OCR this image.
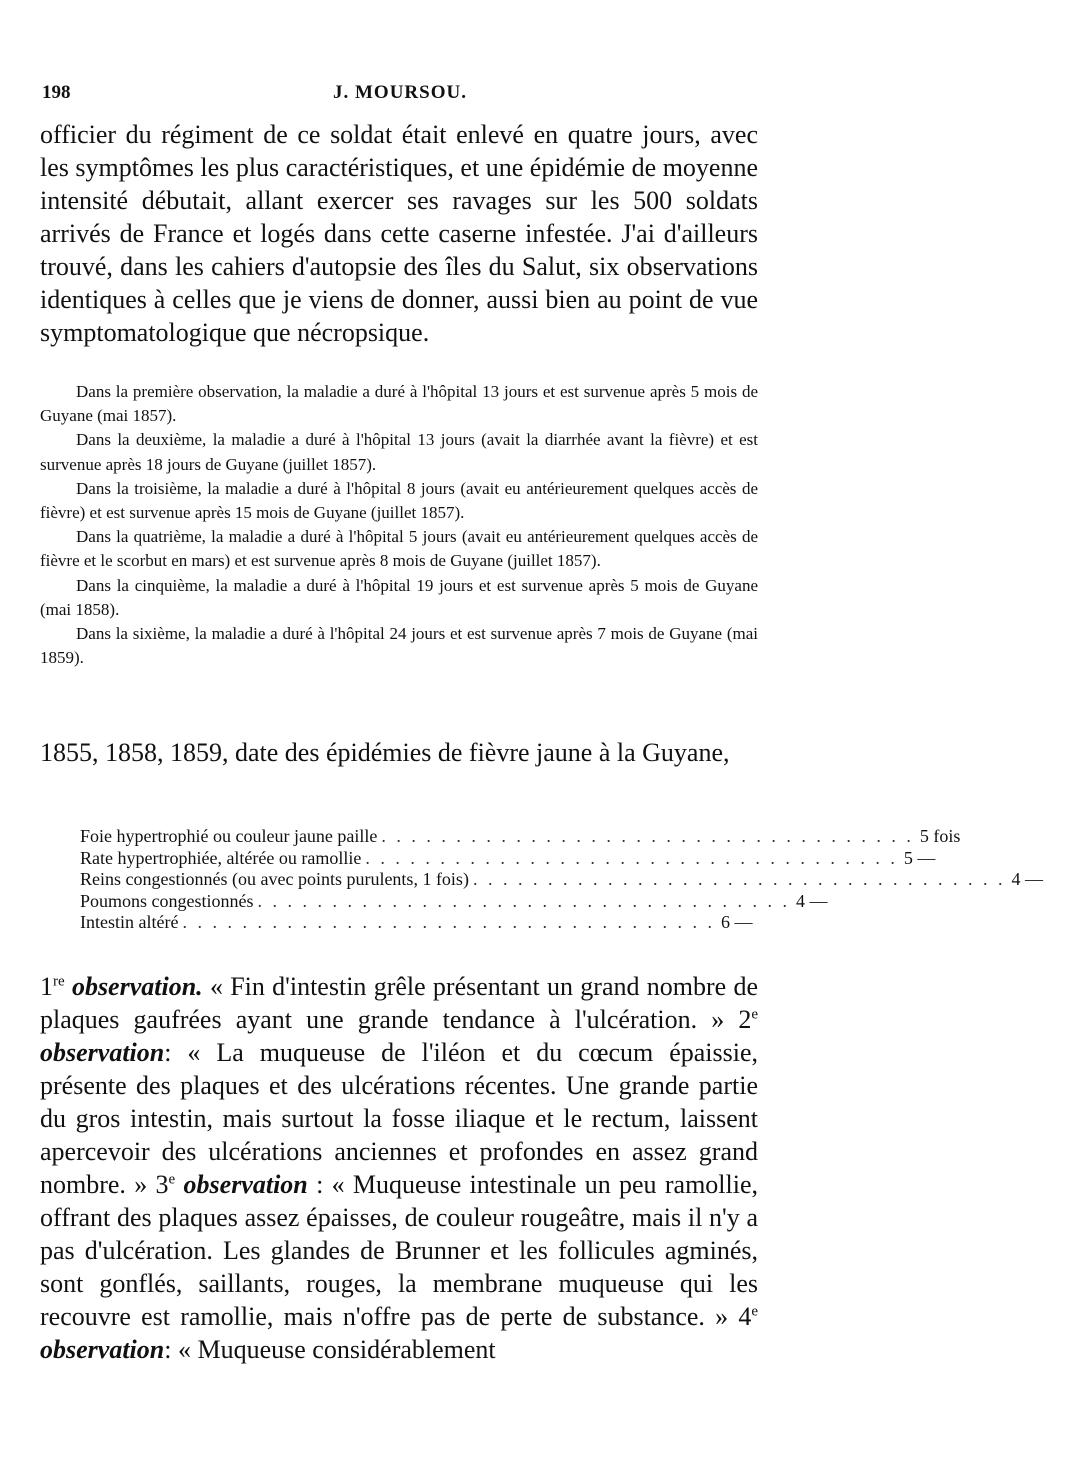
198	J. MOURSOU.

officier du régiment de ce soldat était enlevé en quatre jours, avec les symptômes les plus caractéristiques, et une épidémie de moyenne intensité débutait, allant exercer ses ravages sur les 500 soldats arrivés de France et logés dans cette caserne infestée. J'ai d'ailleurs trouvé, dans les cahiers d'autopsie des îles du Salut, six observations identiques à celles que je viens de donner, aussi bien au point de vue symptomatologique que nécropsique.

Dans la première observation, la maladie a duré à l'hôpital 13 jours et est survenue après 5 mois de Guyane (mai 1857).

Dans la deuxième, la maladie a duré à l'hôpital 13 jours (avait la diarrhée avant la fièvre) et est survenue après 18 jours de Guyane (juillet 1857).

Dans la troisième, la maladie a duré à l'hôpital 8 jours (avait eu antérieurement quelques accès de fièvre) et est survenue après 15 mois de Guyane (juillet 1857).

Dans la quatrième, la maladie a duré à l'hôpital 5 jours (avait eu antérieurement quelques accès de fièvre et le scorbut en mars) et est survenue après 8 mois de Guyane (juillet 1857).

Dans la cinquième, la maladie a duré à l'hôpital 19 jours et est survenue après 5 mois de Guyane (mai 1858).

Dans la sixième, la maladie a duré à l'hôpital 24 jours et est survenue après 7 mois de Guyane (mai 1859).

1855, 1858, 1859, date des épidémies de fièvre jaune à la Guyane,

Foie hypertrophié ou couleur jaune paille . . . . . . . . . . . . . . . . . . . . . . . . . . . . . . . . . . . . 5 fois
Rate hypertrophiée, altérée ou ramollie . . . . . . . . . . . . . . . . . . . . . . . . . . . . . . . . . . . . 5 —
Reins congestionnés (ou avec points purulents, 1 fois) . . . . . . . . . . . . . . . . . . . . . . . . . . . . . . . . . . . . 4 —
Poumons congestionnés . . . . . . . . . . . . . . . . . . . . . . . . . . . . . . . . . . . . 4 —
Intestin altéré . . . . . . . . . . . . . . . . . . . . . . . . . . . . . . . . . . . . 6 —

1re observation. « Fin d'intestin grêle présentant un grand nombre de plaques gaufrées ayant une grande tendance à l'ulcération. » 2e observation: « La muqueuse de l'iléon et du cœcum épaissie, présente des plaques et des ulcérations récentes. Une grande partie du gros intestin, mais surtout la fosse iliaque et le rectum, laissent apercevoir des ulcérations anciennes et profondes en assez grand nombre. » 3e observation : « Muqueuse intestinale un peu ramollie, offrant des plaques assez épaisses, de couleur rougeâtre, mais il n'y a pas d'ulcération. Les glandes de Brunner et les follicules agminés, sont gonflés, saillants, rouges, la membrane muqueuse qui les recouvre est ramollie, mais n'offre pas de perte de substance. » 4e observation: « Muqueuse considérablement
